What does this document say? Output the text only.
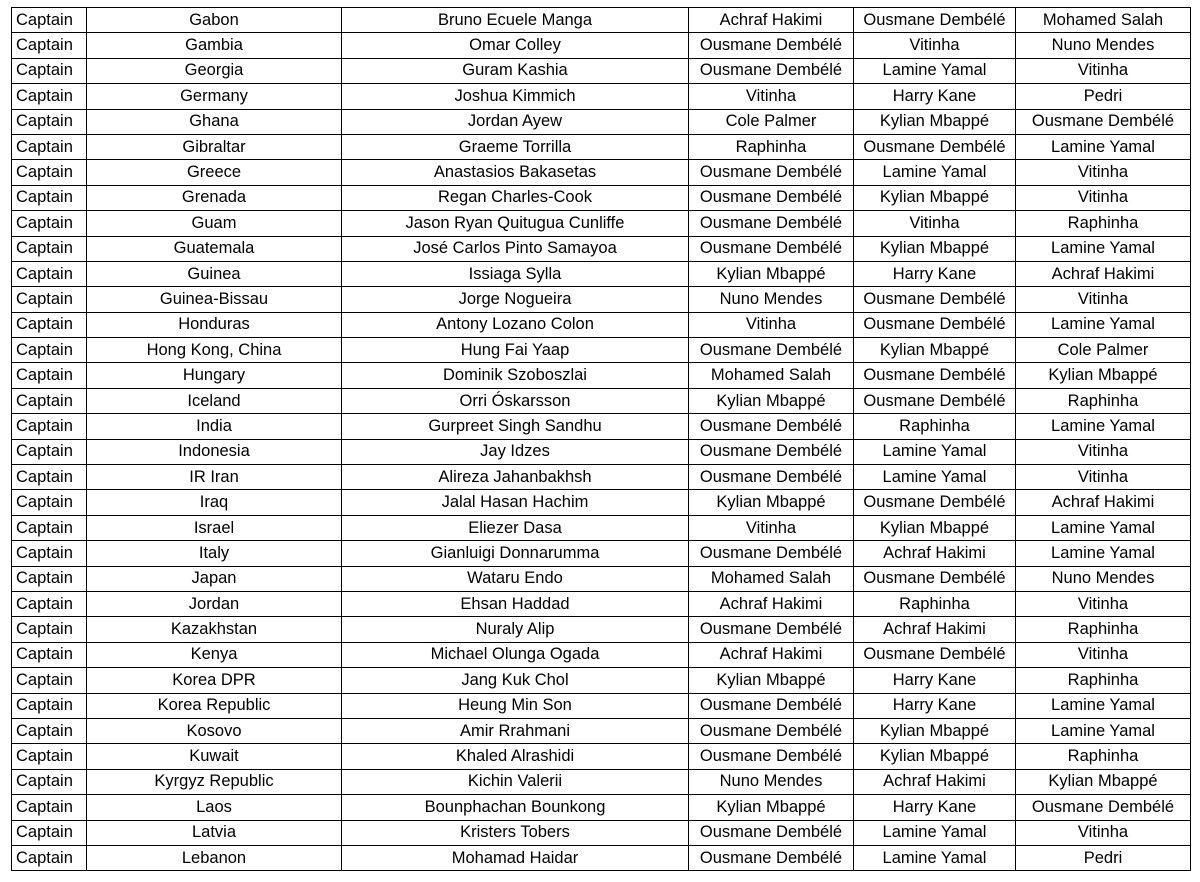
Captain	Gabon	Bruno Ecuele Manga	Achraf Hakimi	Ousmane Dembélé	Mohamed Salah
Captain	Gambia	Omar Colley	Ousmane Dembélé	Vitinha	Nuno Mendes
Captain	Georgia	Guram Kashia	Ousmane Dembélé	Lamine Yamal	Vitinha
Captain	Germany	Joshua Kimmich	Vitinha	Harry Kane	Pedri
Captain	Ghana	Jordan Ayew	Cole Palmer	Kylian Mbappé	Ousmane Dembélé
Captain	Gibraltar	Graeme Torrilla	Raphinha	Ousmane Dembélé	Lamine Yamal
Captain	Greece	Anastasios Bakasetas	Ousmane Dembélé	Lamine Yamal	Vitinha
Captain	Grenada	Regan Charles-Cook	Ousmane Dembélé	Kylian Mbappé	Vitinha
Captain	Guam	Jason Ryan Quitugua Cunliffe	Ousmane Dembélé	Vitinha	Raphinha
Captain	Guatemala	José Carlos Pinto Samayoa	Ousmane Dembélé	Kylian Mbappé	Lamine Yamal
Captain	Guinea	Issiaga Sylla	Kylian Mbappé	Harry Kane	Achraf Hakimi
Captain	Guinea-Bissau	Jorge Nogueira	Nuno Mendes	Ousmane Dembélé	Vitinha
Captain	Honduras	Antony Lozano Colon	Vitinha	Ousmane Dembélé	Lamine Yamal
Captain	Hong Kong, China	Hung Fai Yaap	Ousmane Dembélé	Kylian Mbappé	Cole Palmer
Captain	Hungary	Dominik Szoboszlai	Mohamed Salah	Ousmane Dembélé	Kylian Mbappé
Captain	Iceland	Orri Óskarsson	Kylian Mbappé	Ousmane Dembélé	Raphinha
Captain	India	Gurpreet Singh Sandhu	Ousmane Dembélé	Raphinha	Lamine Yamal
Captain	Indonesia	Jay Idzes	Ousmane Dembélé	Lamine Yamal	Vitinha
Captain	IR Iran	Alireza Jahanbakhsh	Ousmane Dembélé	Lamine Yamal	Vitinha
Captain	Iraq	Jalal Hasan Hachim	Kylian Mbappé	Ousmane Dembélé	Achraf Hakimi
Captain	Israel	Eliezer Dasa	Vitinha	Kylian Mbappé	Lamine Yamal
Captain	Italy	Gianluigi Donnarumma	Ousmane Dembélé	Achraf Hakimi	Lamine Yamal
Captain	Japan	Wataru Endo	Mohamed Salah	Ousmane Dembélé	Nuno Mendes
Captain	Jordan	Ehsan Haddad	Achraf Hakimi	Raphinha	Vitinha
Captain	Kazakhstan	Nuraly Alip	Ousmane Dembélé	Achraf Hakimi	Raphinha
Captain	Kenya	Michael Olunga Ogada	Achraf Hakimi	Ousmane Dembélé	Vitinha
Captain	Korea DPR	Jang Kuk Chol	Kylian Mbappé	Harry Kane	Raphinha
Captain	Korea Republic	Heung Min Son	Ousmane Dembélé	Harry Kane	Lamine Yamal
Captain	Kosovo	Amir Rrahmani	Ousmane Dembélé	Kylian Mbappé	Lamine Yamal
Captain	Kuwait	Khaled Alrashidi	Ousmane Dembélé	Kylian Mbappé	Raphinha
Captain	Kyrgyz Republic	Kichin Valerii	Nuno Mendes	Achraf Hakimi	Kylian Mbappé
Captain	Laos	Bounphachan Bounkong	Kylian Mbappé	Harry Kane	Ousmane Dembélé
Captain	Latvia	Kristers Tobers	Ousmane Dembélé	Lamine Yamal	Vitinha
Captain	Lebanon	Mohamad Haidar	Ousmane Dembélé	Lamine Yamal	Pedri
